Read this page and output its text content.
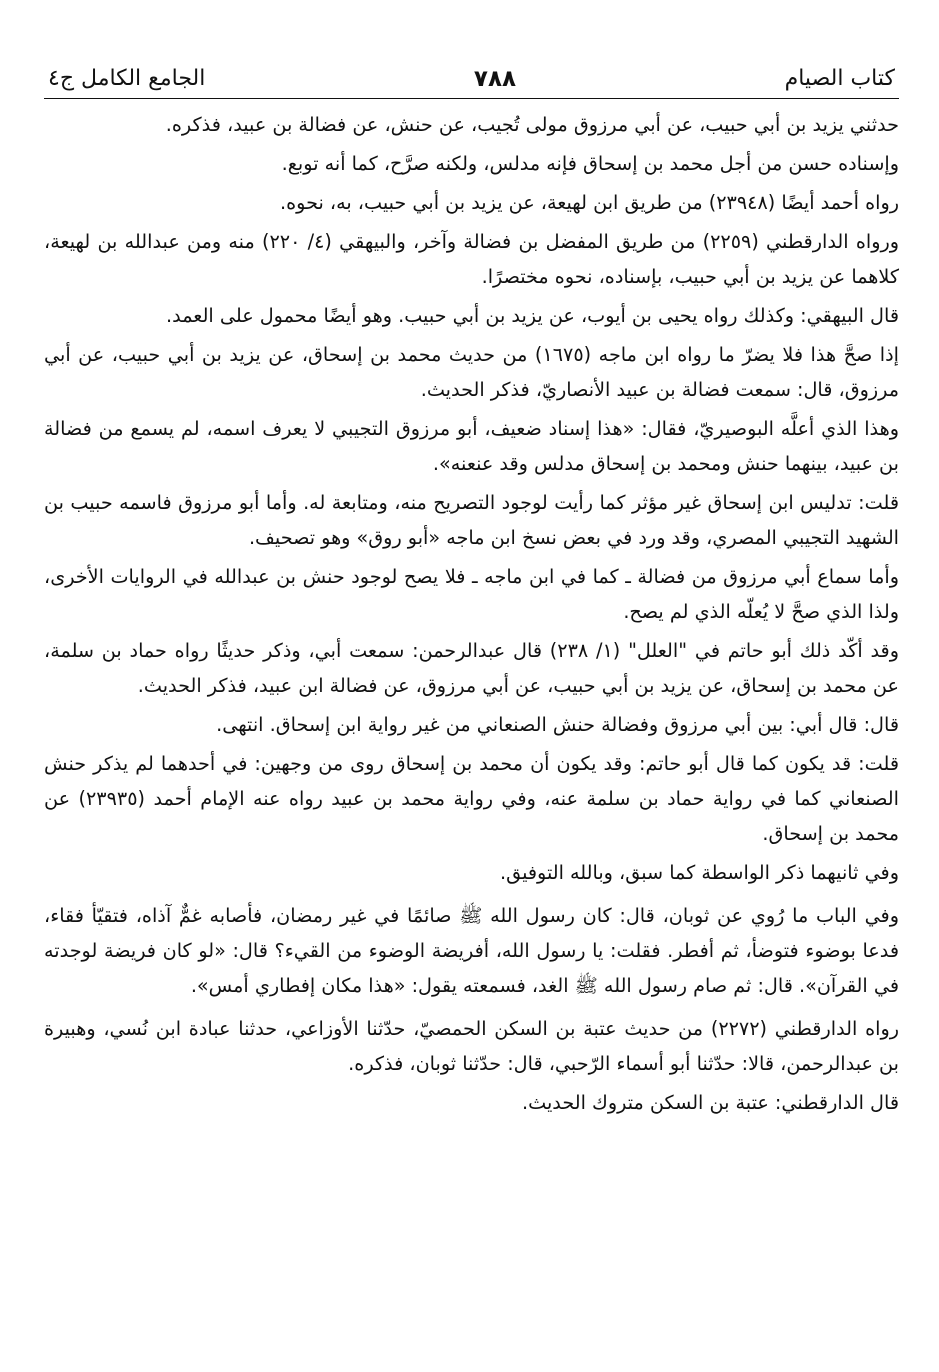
كتاب الصيام
٧٨٨
الجامع الكامل ج٤

حدثني يزيد بن أبي حبيب، عن أبي مرزوق مولى تُجيب، عن حنش، عن فضالة بن عبيد، فذكره.

وإسناده حسن من أجل محمد بن إسحاق فإنه مدلس، ولكنه صرَّح، كما أنه توبع.

رواه أحمد أيضًا (٢٣٩٤٨) من طريق ابن لهيعة، عن يزيد بن أبي حبيب، به، نحوه.

ورواه الدارقطني (٢٢٥٩) من طريق المفضل بن فضالة وآخر، والبيهقي (٤/ ٢٢٠) منه ومن عبدالله بن لهيعة، كلاهما عن يزيد بن أبي حبيب، بإسناده، نحوه مختصرًا.

قال البيهقي: وكذلك رواه يحيى بن أيوب، عن يزيد بن أبي حبيب. وهو أيضًا محمول على العمد.

إذا صحَّ هذا فلا يضرّ ما رواه ابن ماجه (١٦٧٥) من حديث محمد بن إسحاق، عن يزيد بن أبي حبيب، عن أبي مرزوق، قال: سمعت فضالة بن عبيد الأنصاريّ، فذكر الحديث.

وهذا الذي أعلَّه البوصيريّ، فقال: «هذا إسناد ضعيف، أبو مرزوق التجيبي لا يعرف اسمه، لم يسمع من فضالة بن عبيد، بينهما حنش ومحمد بن إسحاق مدلس وقد عنعنه».

قلت: تدليس ابن إسحاق غير مؤثر كما رأيت لوجود التصريح منه، ومتابعة له. وأما أبو مرزوق فاسمه حبيب بن الشهيد التجيبي المصري، وقد ورد في بعض نسخ ابن ماجه «أبو روق» وهو تصحيف.

وأما سماع أبي مرزوق من فضالة ـ كما في ابن ماجه ـ فلا يصح لوجود حنش بن عبدالله في الروايات الأخرى، ولذا الذي صحَّ لا يُعلّه الذي لم يصح.

وقد أكّد ذلك أبو حاتم في "العلل" (١/ ٢٣٨) قال عبدالرحمن: سمعت أبي، وذكر حديثًا رواه حماد بن سلمة، عن محمد بن إسحاق، عن يزيد بن أبي حبيب، عن أبي مرزوق، عن فضالة ابن عبيد، فذكر الحديث.

قال: قال أبي: بين أبي مرزوق وفضالة حنش الصنعاني من غير رواية ابن إسحاق. انتهى.

قلت: قد يكون كما قال أبو حاتم: وقد يكون أن محمد بن إسحاق روى من وجهين: في أحدهما لم يذكر حنش الصنعاني كما في رواية حماد بن سلمة عنه، وفي رواية محمد بن عبيد رواه عنه الإمام أحمد (٢٣٩٣٥) عن محمد بن إسحاق.

وفي ثانيهما ذكر الواسطة كما سبق، وبالله التوفيق.

وفي الباب ما رُوي عن ثوبان، قال: كان رسول الله ﷺ صائمًا في غير رمضان، فأصابه غمٌّ آذاه، فتقيّأ فقاء، فدعا بوضوء فتوضأ، ثم أفطر. فقلت: يا رسول الله، أفريضة الوضوء من القيء؟ قال: «لو كان فريضة لوجدته في القرآن». قال: ثم صام رسول الله ﷺ الغد، فسمعته يقول: «هذا مكان إفطاري أمس».

رواه الدارقطني (٢٢٧٢) من حديث عتبة بن السكن الحمصيّ، حدّثنا الأوزاعي، حدثنا عبادة ابن نُسي، وهبيرة بن عبدالرحمن، قالا: حدّثنا أبو أسماء الرّحبي، قال: حدّثنا ثوبان، فذكره.

قال الدارقطني: عتبة بن السكن متروك الحديث.
